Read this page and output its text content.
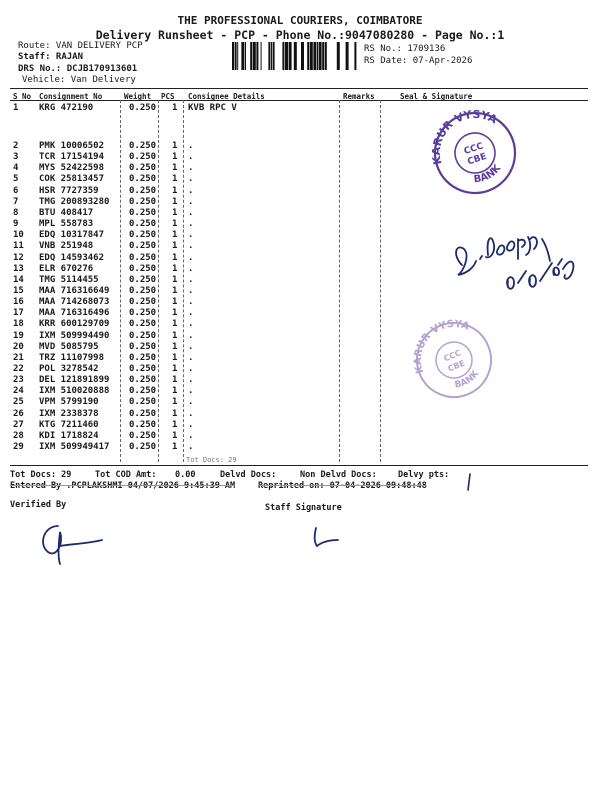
THE PROFESSIONAL COURIERS, COIMBATORE
Delivery Runsheet - PCP - Phone No.:9047080280 - Page No.:1
Route: VAN DELIVERY PCP
Staff: RAJAN
DRS No.: DCJB170913601
Vehicle: Van Delivery
RS No.: 1709136
RS Date: 07-Apr-2026
S No Consignment No	Weight PCS Consignee Details	Remarks	Seal & Signature
1 KRG 472190	0.250 1 KVB RPC V
2 PMK 10006502	0.250 1 .
3 TCR 17154194	0.250 1 .
4 MYS 52422598	0.250 1 .
5 COK 25813457	0.250 1 .
6 HSR 7727359	0.250 1 .
7 TMG 200893280 0.250 1 .
8 BTU 408417	0.250 1 .
9 MPL 558783	0.250 1 .
10 EDQ 10317847	0.250 1 .
11 VNB 251948	0.250 1 .
12 EDQ 14593462	0.250 1 .
13 ELR 670276	0.250 1 .
14 TMG 5114455	0.250 1 .
15 MAA 716316649 0.250 1 .
16 MAA 714268073 0.250 1 .
17 MAA 716316496 0.250 1 .
18 KRR 600129709 0.250 1 .
19 IXM 509994490 0.250 1 .
20 MVD 5085795	0.250 1 .
21 TRZ 11107998	0.250 1 .
22 POL 3278542	0.250 1 .
23 DEL 121891899 0.250 1 .
24 IXM 510020888 0.250 1 .
25 VPM 5799190	0.250 1 .
26 IXM 2338378	0.250 1 .
27 KTG 7211460	0.250 1 .
28 KDI 1718824	0.250 1 .
29 IXM 509949417 0.250 1 .
Tot Docs: 29
Tot Docs: 29	Tot COD Amt: 0.00	Delvd Docs:	Non Delvd Docs: Delvy pts:
Entered By .PCPLAKSHMI 04/07/2026 9:45:39 AM	Reprinted on: 07-04-2026 09:48:48
Verified By	Staff Signature
KARUR VYSYA
BANK
CCC
CBE
KARUR VYSYA
BANK
CCC
CBE
